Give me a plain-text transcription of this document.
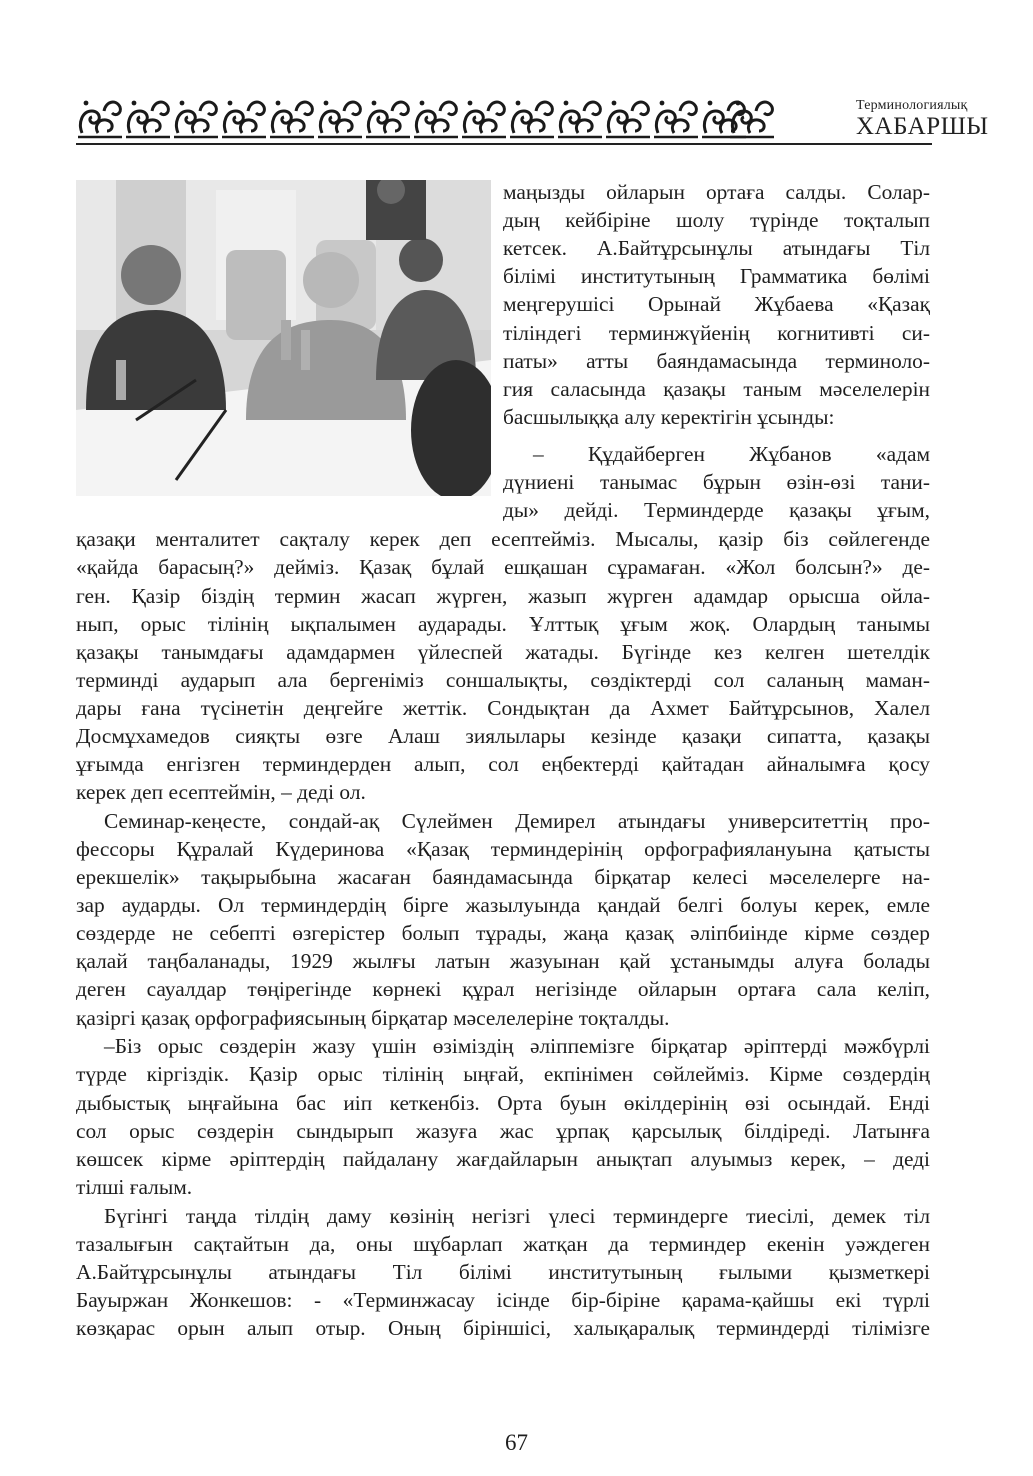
Терминологиялық
ХАБАРШЫ
маңызды ойларын ортаға салды. Солар-
дың кейбіріне шолу түрінде тоқталып
кетсек. А.Байтұрсынұлы атындағы Тіл
білімі институтының Грамматика бөлімі
меңгерушісі Орынай Жұбаева «Қазақ
тіліндегі терминжүйенің когнитивті си-
паты» атты баяндамасында терминоло-
гия саласында қазақы таным мәселелерін
басшылыққа алу керектігін ұсынды:
– Құдайберген Жұбанов «адам
дүниені танымас бұрын өзін-өзі тани-
ды» дейді. Терминдерде қазақы ұғым,
қазақи менталитет сақталу керек деп есептейміз. Мысалы, қазір біз сөйлегенде
«қайда барасың?» дейміз. Қазақ бұлай ешқашан сұрамаған. «Жол болсын?» де-
ген. Қазір біздің термин жасап жүрген, жазып жүрген адамдар орысша ойла-
нып, орыс тілінің ықпалымен аударады. Ұлттық ұғым жоқ. Олардың танымы
қазақы танымдағы адамдармен үйлеспей жатады. Бүгінде кез келген шетелдік
терминді аударып ала бергеніміз соншалықты, сөздіктерді сол саланың маман-
дары ғана түсінетін деңгейге жеттік. Сондықтан да Ахмет Байтұрсынов, Халел
Досмұхамедов сияқты өзге Алаш зиялылары кезінде қазақи сипатта, қазақы
ұғымда енгізген терминдерден алып, сол еңбектерді қайтадан айналымға қосу
керек деп есептеймін, – деді ол.
Семинар-кеңесте, сондай-ақ Сүлеймен Демирел атындағы университеттің про-
фессоры Құралай Күдеринова «Қазақ терминдерінің орфографиялануына қатысты
ерекшелік» тақырыбына жасаған баяндамасында бірқатар келесі мәселелерге на-
зар аударды. Ол терминдердің бірге жазылуында қандай белгі болуы керек, емле
сөздерде не себепті өзгерістер болып тұрады, жаңа қазақ әліпбиінде кірме сөздер
қалай таңбаланады, 1929 жылғы латын жазуынан қай ұстанымды алуға болады
деген сауалдар төңірегінде көрнекі құрал негізінде ойларын ортаға сала келіп,
қазіргі қазақ орфографиясының бірқатар мәселелеріне тоқталды.
–Біз орыс сөздерін жазу үшін өзіміздің әліппемізге бірқатар әріптерді мәжбүрлі
түрде кіргіздік. Қазір орыс тілінің ыңғай, екпінімен сөйлейміз. Кірме сөздердің
дыбыстық ыңғайына бас иіп кеткенбіз. Орта буын өкілдерінің өзі осындай. Енді
сол орыс сөздерін сындырып жазуға жас ұрпақ қарсылық білдіреді. Латынға
көшсек кірме әріптердің пайдалану жағдайларын анықтап алуымыз керек, – деді
тілші ғалым.
Бүгінгі таңда тілдің даму көзінің негізгі үлесі терминдерге тиесілі, демек тіл
тазалығын сақтайтын да, оны шұбарлап жатқан да терминдер екенін уәждеген
А.Байтұрсынұлы атындағы Тіл білімі институтының ғылыми қызметкері
Бауыржан Жонкешов: - «Терминжасау ісінде бір-біріне қарама-қайшы екі түрлі
көзқарас орын алып отыр. Оның біріншісі, халықаралық терминдерді тілімізге
67
